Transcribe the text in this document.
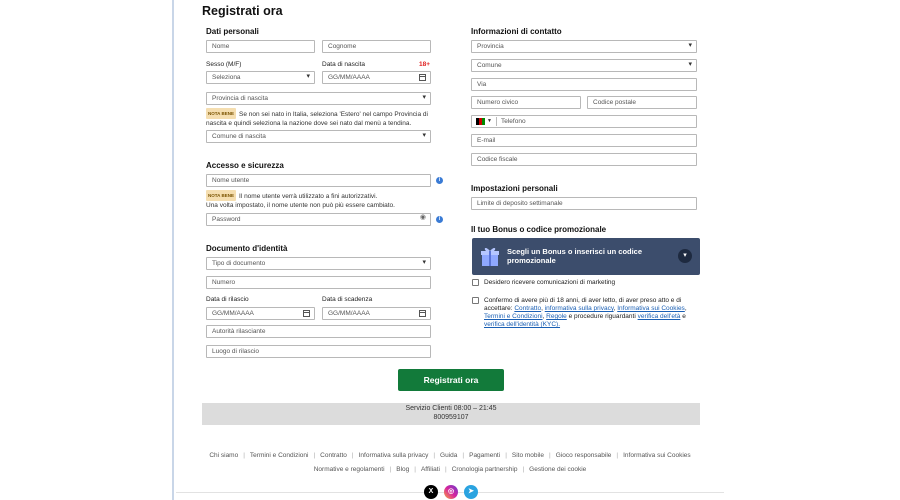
Registrati ora
Dati personali
Nome	Cognome
Sesso (M/F)	Data di nascita	18+
Seleziona ▾	GG/MM/AAAA
Provincia di nascita ▾
NOTA BENE Se non sei nato in Italia, seleziona 'Estero' nel campo Provincia di nascita e quindi seleziona la nazione dove sei nato dal menù a tendina.
Comune di nascita ▾
Accesso e sicurezza
Nome utente	i
NOTA BENE Il nome utente verrà utilizzato a fini autorizzativi.
Una volta impostato, il nome utente non può più essere cambiato.
Password	◉	i
Documento d'identità
Tipo di documento ▾
Numero
Data di rilascio	Data di scadenza
GG/MM/AAAA	GG/MM/AAAA
Autorità rilasciante
Luogo di rilascio
Informazioni di contatto
Provincia ▾
Comune ▾
Via
Numero civico	Codice postale
▼ Telefono
E-mail
Codice fiscale
Impostazioni personali
Limite di deposito settimanale
Il tuo Bonus o codice promozionale
Scegli un Bonus o inserisci un codice promozionale
▾
Desidero ricevere comunicazioni di marketing
Confermo di avere più di 18 anni, di aver letto, di aver preso atto e di accettare: Contratto, informativa sulla privacy, Informativa sui Cookies, Termini e Condizioni, Regole e procedure riguardanti verifica dell'età e verifica dell'identità (KYC).
Registrati ora
Servizio Clienti 08:00 – 21:45
800959107
Chi siamo | Termini e Condizioni | Contratto | Informativa sulla privacy | Guida | Pagamenti | Sito mobile | Gioco responsabile | Informativa sui Cookies
Normative e regolamenti | Blog | Affiliati | Cronologia partnership | Gestione dei cookie
X	◎	➤
